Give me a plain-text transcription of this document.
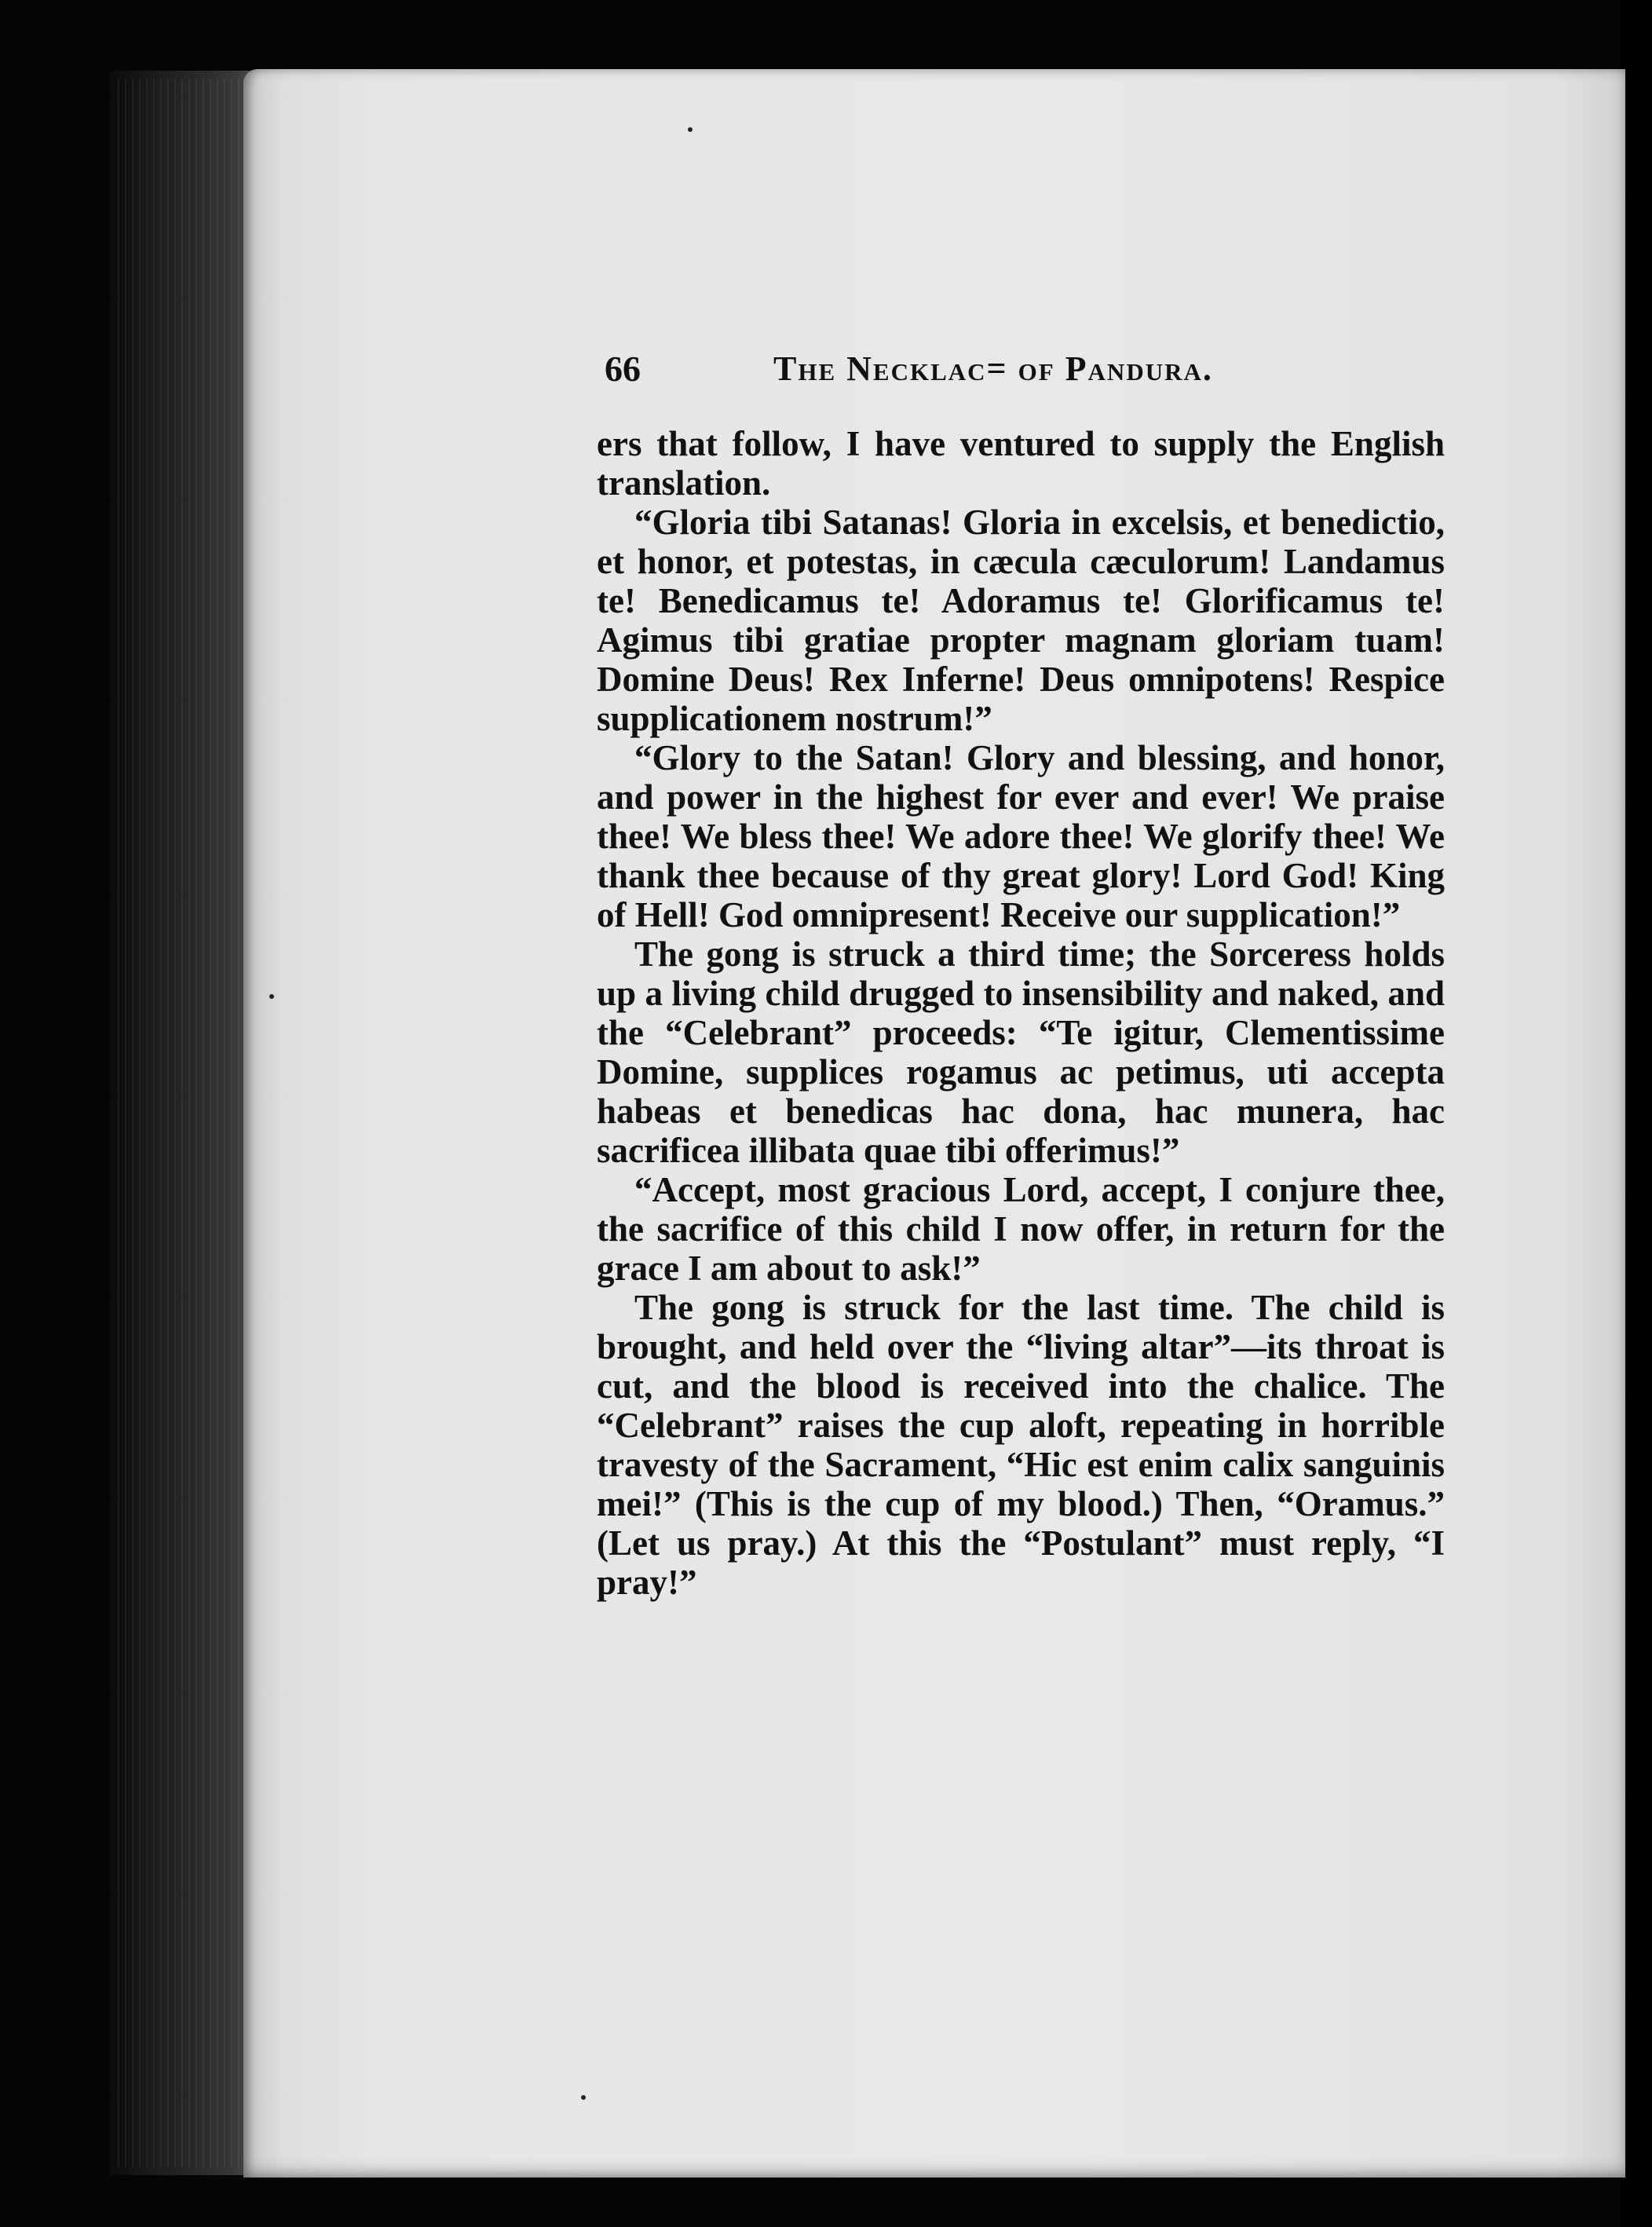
66	The Necklac= of Pandura.

ers that follow, I have ventured to supply the English translation.

“Gloria tibi Satanas! Gloria in excelsis, et benedictio, et honor, et potestas, in cæcula cæculorum! Landamus te! Benedicamus te! Adoramus te! Glorificamus te! Agimus tibi gratiae propter magnam gloriam tuam! Domine Deus! Rex Inferne! Deus omnipotens! Respice supplicationem nostrum!”

“Glory to the Satan! Glory and blessing, and honor, and power in the highest for ever and ever! We praise thee! We bless thee! We adore thee! We glorify thee! We thank thee because of thy great glory! Lord God! King of Hell! God omnipresent! Receive our supplication!”

The gong is struck a third time; the Sorceress holds up a living child drugged to insensibility and naked, and the “Celebrant” proceeds: “Te igitur, Clementissime Domine, supplices rogamus ac petimus, uti accepta habeas et benedicas hac dona, hac munera, hac sacrificea illibata quae tibi offerimus!”

“Accept, most gracious Lord, accept, I conjure thee, the sacrifice of this child I now offer, in return for the grace I am about to ask!”

The gong is struck for the last time. The child is brought, and held over the “living altar”—its throat is cut, and the blood is received into the chalice. The “Celebrant” raises the cup aloft, repeating in horrible travesty of the Sacrament, “Hic est enim calix sanguinis mei!” (This is the cup of my blood.) Then, “Oramus.” (Let us pray.) At this the “Postulant” must reply, “I pray!”
